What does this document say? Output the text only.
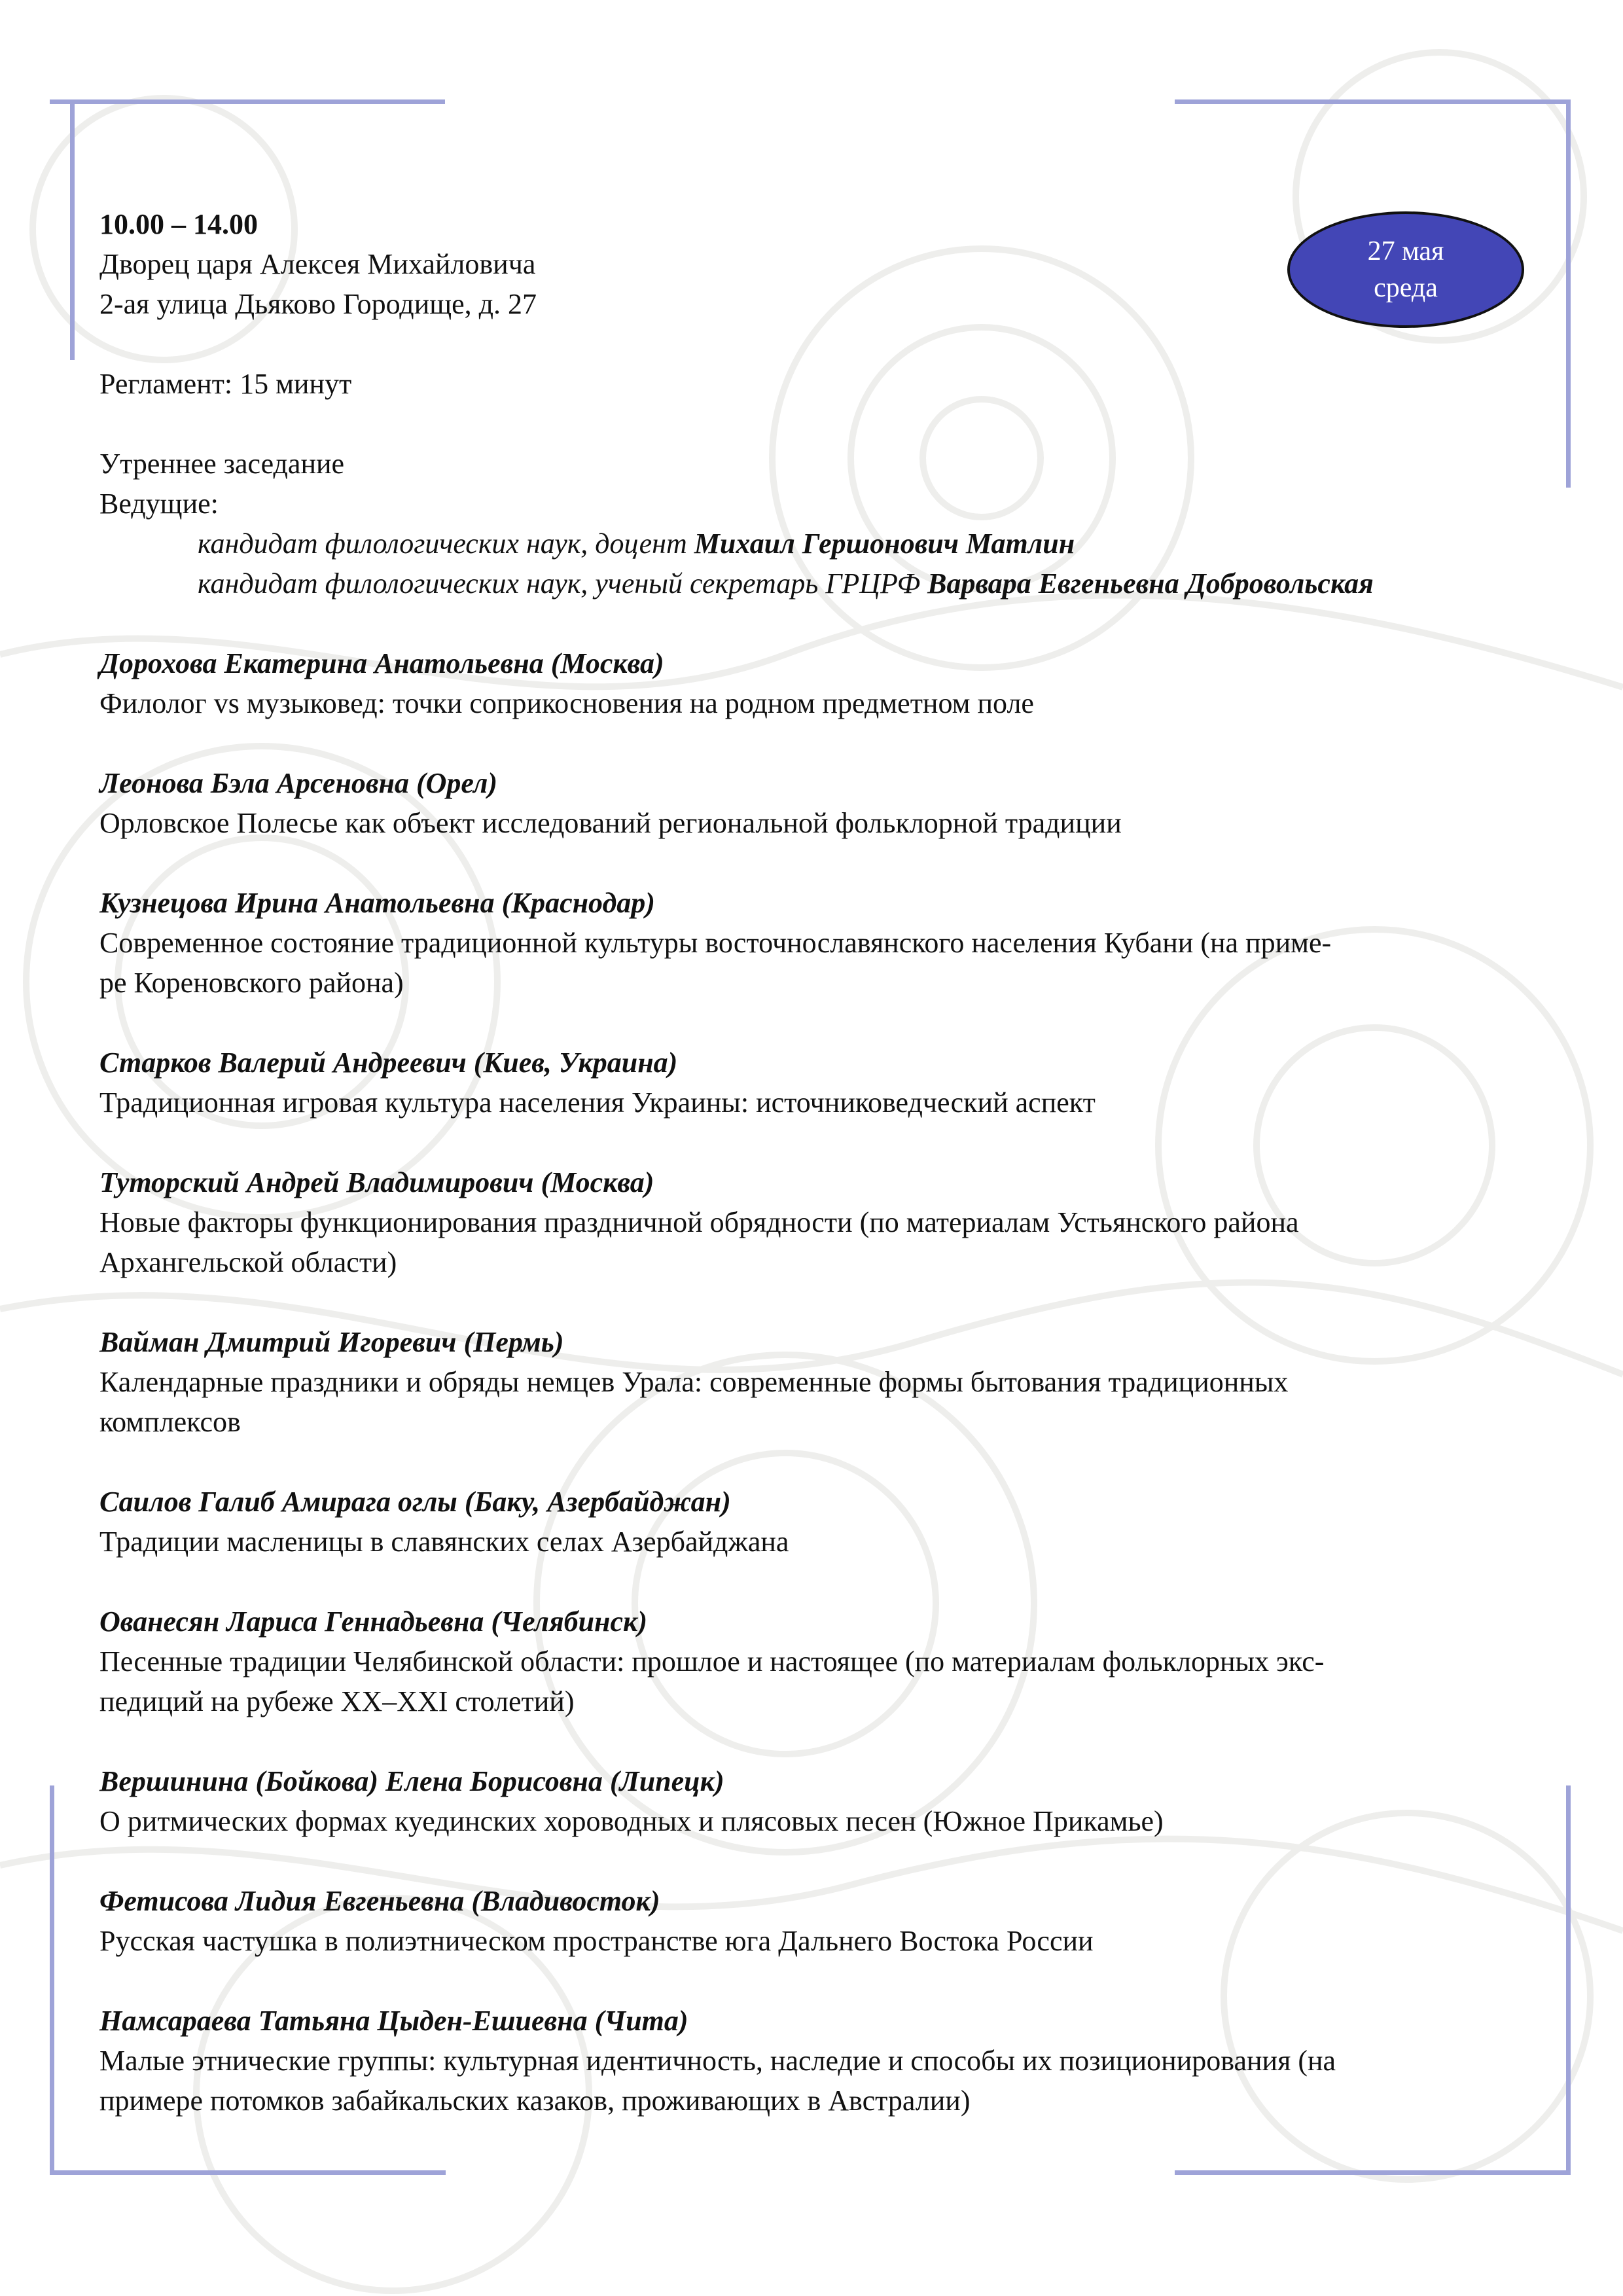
27 мая
среда
10.00 – 14.00
Дворец царя Алексея Михайловича
2-ая улица Дьяково Городище, д. 27
Регламент: 15 минут
Утреннее заседание
Ведущие:
кандидат филологических наук, доцент Михаил Гершонович Матлин
кандидат филологических наук, ученый секретарь ГРЦРФ Варвара Евгеньевна Добровольская
Дорохова Екатерина Анатольевна (Москва)
Филолог vs музыковед: точки соприкосновения на родном предметном поле
Леонова Бэла Арсеновна (Орел)
Орловское Полесье как объект исследований региональной фольклорной традиции
Кузнецова Ирина Анатольевна (Краснодар)
Современное состояние традиционной культуры восточнославянского населения Кубани (на приме-
ре Кореновского района)
Старков Валерий Андреевич (Киев, Украина)
Традиционная игровая культура населения Украины: источниковедческий аспект
Туторский Андрей Владимирович (Москва)
Новые факторы функционирования праздничной обрядности (по материалам Устьянского района
Архангельской области)
Вайман Дмитрий Игоревич (Пермь)
Календарные праздники и обряды немцев Урала: современные формы бытования традиционных
комплексов
Саилов Галиб Амирага оглы (Баку, Азербайджан)
Традиции масленицы в славянских селах Азербайджана
Ованесян Лариса Геннадьевна (Челябинск)
Песенные традиции Челябинской области: прошлое и настоящее (по материалам фольклорных экс-
педиций на рубеже XX–XXI столетий)
Вершинина (Бойкова) Елена Борисовна (Липецк)
О ритмических формах куединских хороводных и плясовых песен (Южное Прикамье)
Фетисова Лидия Евгеньевна (Владивосток)
Русская частушка в полиэтническом пространстве юга Дальнего Востока России
Намсараева Татьяна Цыден-Ешиевна (Чита)
Малые этнические группы: культурная идентичность, наследие и способы их позиционирования (на
примере потомков забайкальских казаков, проживающих в Австралии)
